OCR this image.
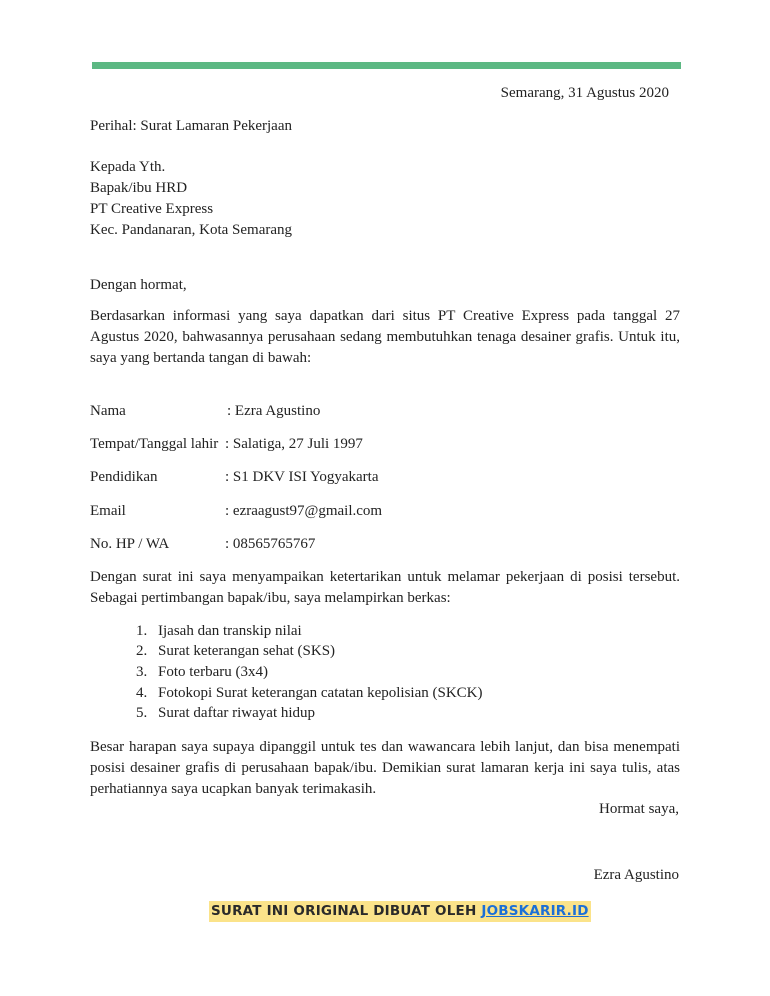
Semarang, 31 Agustus 2020
Perihal: Surat Lamaran Pekerjaan
Kepada Yth.
Bapak/ibu HRD
PT Creative Express
Kec. Pandanaran, Kota Semarang
Dengan hormat,
Berdasarkan informasi yang saya dapatkan dari situs PT Creative Express pada tanggal 27 Agustus 2020, bahwasannya perusahaan sedang membutuhkan tenaga desainer grafis. Untuk itu, saya yang bertanda tangan di bawah:
Nama	: Ezra Agustino
Tempat/Tanggal lahir : Salatiga, 27 Juli 1997
Pendidikan	: S1 DKV ISI Yogyakarta
Email	: ezraagust97@gmail.com
No. HP / WA	: 08565765767
Dengan surat ini saya menyampaikan ketertarikan untuk melamar pekerjaan di posisi tersebut. Sebagai pertimbangan bapak/ibu, saya melampirkan berkas:
1. Ijasah dan transkip nilai
2. Surat keterangan sehat (SKS)
3. Foto terbaru (3x4)
4. Fotokopi Surat keterangan catatan kepolisian (SKCK)
5. Surat daftar riwayat hidup
Besar harapan saya supaya dipanggil untuk tes dan wawancara lebih lanjut, dan bisa menempati posisi desainer grafis di perusahaan bapak/ibu. Demikian surat lamaran kerja ini saya tulis, atas perhatiannya saya ucapkan banyak terimakasih.
Hormat saya,
Ezra Agustino
SURAT INI ORIGINAL DIBUAT OLEH JOBSKARIR.ID
